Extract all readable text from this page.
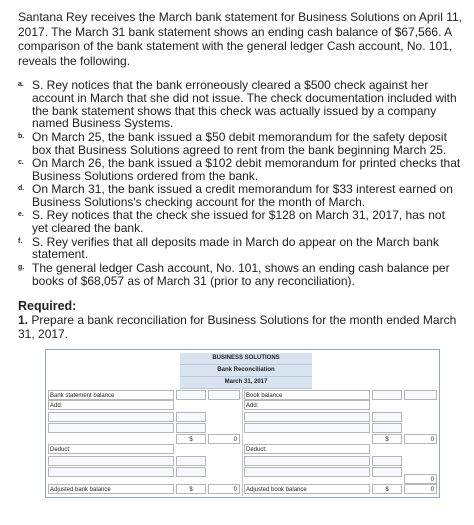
Santana Rey receives the March bank statement for Business Solutions on April 11, 2017. The March 31 bank statement shows an ending cash balance of $67,566. A comparison of the bank statement with the general ledger Cash account, No. 101, reveals the following.
a. S. Rey notices that the bank erroneously cleared a $500 check against her account in March that she did not issue. The check documentation included with the bank statement shows that this check was actually issued by a company named Business Systems.
b. On March 25, the bank issued a $50 debit memorandum for the safety deposit box that Business Solutions agreed to rent from the bank beginning March 25.
c. On March 26, the bank issued a $102 debit memorandum for printed checks that Business Solutions ordered from the bank.
d. On March 31, the bank issued a credit memorandum for $33 interest earned on Business Solutions's checking account for the month of March.
e. S. Rey notices that the check she issued for $128 on March 31, 2017, has not yet cleared the bank.
f. S. Rey verifies that all deposits made in March do appear on the March bank statement.
g. The general ledger Cash account, No. 101, shows an ending cash balance per books of $68,057 as of March 31 (prior to any reconciliation).
Required:
1. Prepare a bank reconciliation for Business Solutions for the month ended March 31, 2017.
BUSINESS SOLUTIONS
Bank Reconciliation
March 31, 2017
Bank statement balance
Add:
$	0
Deduct:
Adjusted bank balance	$	0
Book balance
Add:
$	0
Deduct:
0
Adjusted book balance	$	0
